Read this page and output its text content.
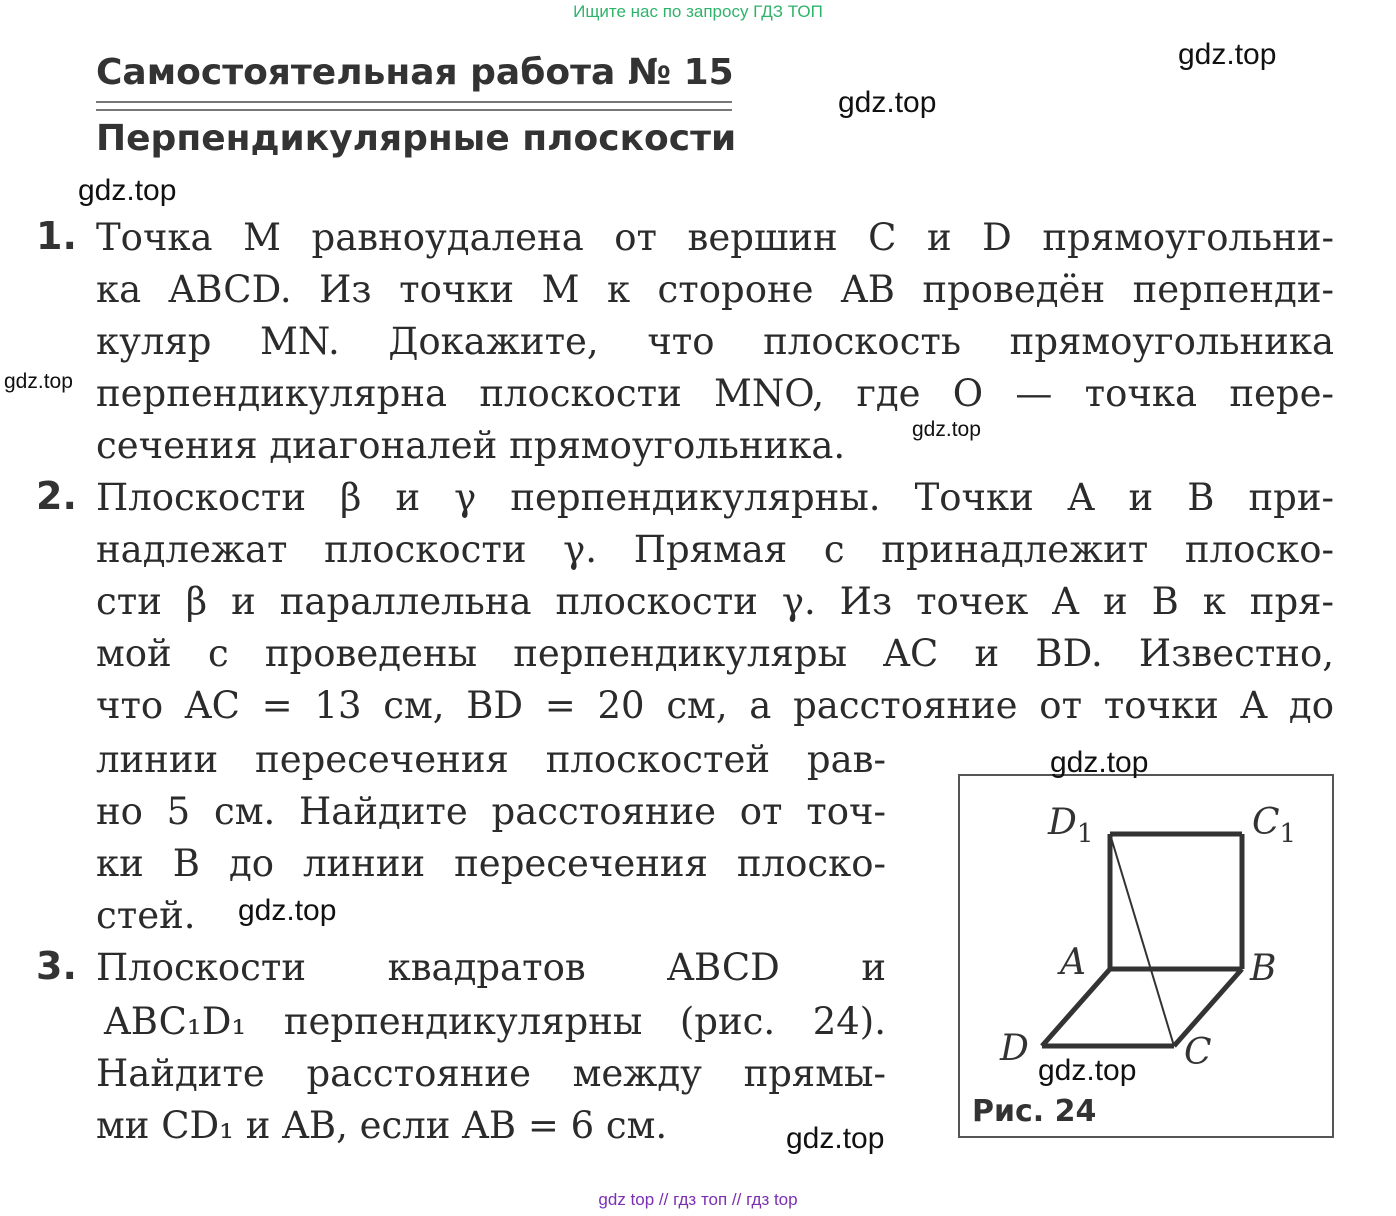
Ищите нас по запросу ГДЗ ТОП
Самостоятельная работа № 15
Перпендикулярные плоскости
1. Точка M равноудалена от вершин C и D прямоугольни-
ка ABCD. Из точки M к стороне AB проведён перпенди-
куляр MN. Докажите, что плоскость прямоугольника
перпендикулярна плоскости MNO, где O — точка пере-
сечения диагоналей прямоугольника.
2. Плоскости β и γ перпендикулярны. Точки A и B при-
надлежат плоскости γ. Прямая c принадлежит плоско-
сти β и параллельна плоскости γ. Из точек A и B к пря-
мой c проведены перпендикуляры AC и BD. Известно,
что AC = 13 см, BD = 20 см, а расстояние от точки A до
линии пересечения плоскостей рав-
но 5 см. Найдите расстояние от точ-
ки B до линии пересечения плоско-
стей.
3. Плоскости квадратов ABCD и
ABC₁D₁ перпендикулярны (рис. 24).
Найдите расстояние между прямы-
ми CD₁ и AB, если AB = 6 см.
$D_1$	$C_1$
A	B
D	C
Рис. 24
gdz.top
gdz.top
gdz.top
gdz.top
gdz.top
gdz.top
gdz.top
gdz.top
gdz.top
gdz top // гдз топ // гдз top
